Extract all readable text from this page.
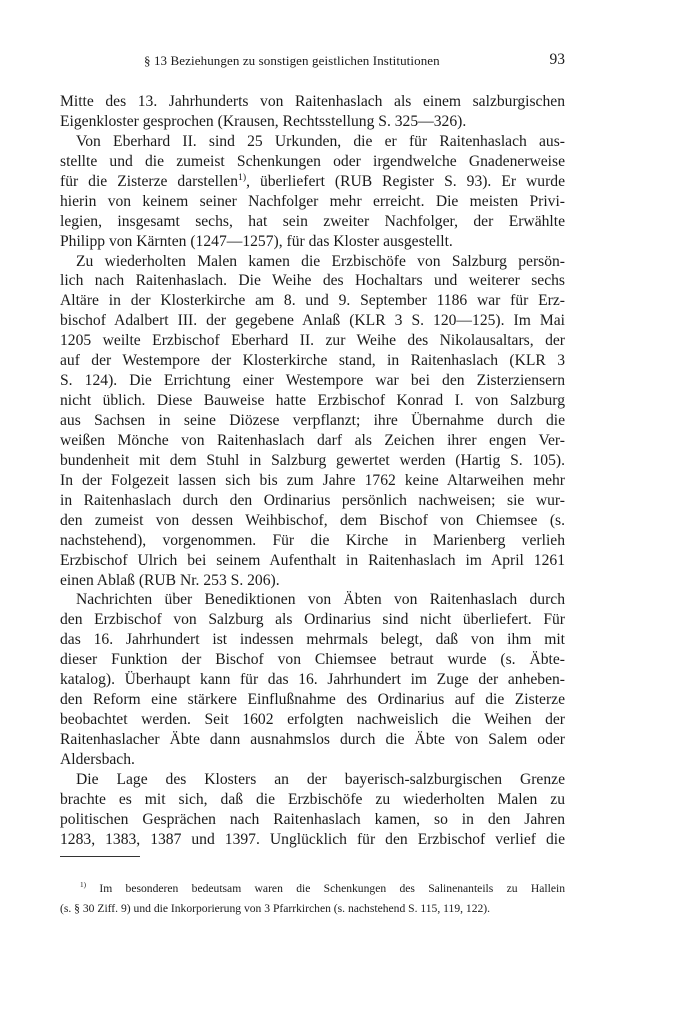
§ 13 Beziehungen zu sonstigen geistlichen Institutionen	93

Mitte des 13. Jahrhunderts von Raitenhaslach als einem salzburgischen
Eigenkloster gesprochen (Krausen, Rechtsstellung S. 325—326).

Von Eberhard II. sind 25 Urkunden, die er für Raitenhaslach aus-
stellte und die zumeist Schenkungen oder irgendwelche Gnadenerweise
für die Zisterze darstellen$^{1)}$, überliefert (RUB Register S. 93). Er wurde
hierin von keinem seiner Nachfolger mehr erreicht. Die meisten Privi-
legien, insgesamt sechs, hat sein zweiter Nachfolger, der Erwählte
Philipp von Kärnten (1247—1257), für das Kloster ausgestellt.

Zu wiederholten Malen kamen die Erzbischöfe von Salzburg persön-
lich nach Raitenhaslach. Die Weihe des Hochaltars und weiterer sechs
Altäre in der Klosterkirche am 8. und 9. September 1186 war für Erz-
bischof Adalbert III. der gegebene Anlaß (KLR 3 S. 120—125). Im Mai
1205 weilte Erzbischof Eberhard II. zur Weihe des Nikolausaltars, der
auf der Westempore der Klosterkirche stand, in Raitenhaslach (KLR 3
S. 124). Die Errichtung einer Westempore war bei den Zisterziensern
nicht üblich. Diese Bauweise hatte Erzbischof Konrad I. von Salzburg
aus Sachsen in seine Diözese verpflanzt; ihre Übernahme durch die
weißen Mönche von Raitenhaslach darf als Zeichen ihrer engen Ver-
bundenheit mit dem Stuhl in Salzburg gewertet werden (Hartig S. 105).
In der Folgezeit lassen sich bis zum Jahre 1762 keine Altarweihen mehr
in Raitenhaslach durch den Ordinarius persönlich nachweisen; sie wur-
den zumeist von dessen Weihbischof, dem Bischof von Chiemsee (s.
nachstehend), vorgenommen. Für die Kirche in Marienberg verlieh
Erzbischof Ulrich bei seinem Aufenthalt in Raitenhaslach im April 1261
einen Ablaß (RUB Nr. 253 S. 206).

Nachrichten über Benediktionen von Äbten von Raitenhaslach durch
den Erzbischof von Salzburg als Ordinarius sind nicht überliefert. Für
das 16. Jahrhundert ist indessen mehrmals belegt, daß von ihm mit
dieser Funktion der Bischof von Chiemsee betraut wurde (s. Äbte-
katalog). Überhaupt kann für das 16. Jahrhundert im Zuge der anheben-
den Reform eine stärkere Einflußnahme des Ordinarius auf die Zisterze
beobachtet werden. Seit 1602 erfolgten nachweislich die Weihen der
Raitenhaslacher Äbte dann ausnahmslos durch die Äbte von Salem oder
Aldersbach.

Die Lage des Klosters an der bayerisch-salzburgischen Grenze
brachte es mit sich, daß die Erzbischöfe zu wiederholten Malen zu
politischen Gesprächen nach Raitenhaslach kamen, so in den Jahren
1283, 1383, 1387 und 1397. Unglücklich für den Erzbischof verlief die

$^{1)}$ Im besonderen bedeutsam waren die Schenkungen des Salinenanteils zu Hallein
(s. § 30 Ziff. 9) und die Inkorporierung von 3 Pfarrkirchen (s. nachstehend S. 115, 119, 122).
